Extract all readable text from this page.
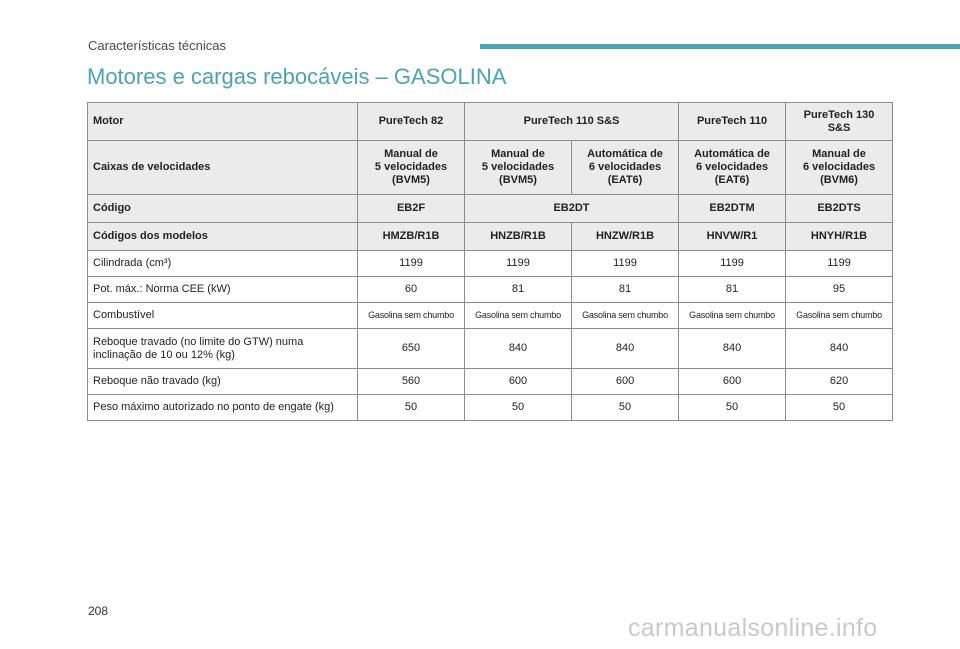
Características técnicas
Motores e cargas rebocáveis – GASOLINA
Motor	PureTech 82	PureTech 110 S&S		PureTech 110	PureTech 130
S&S
Caixas de velocidades	Manual de
5 velocidades
(BVM5)	Manual de
5 velocidades
(BVM5)	Automática de
6 velocidades
(EAT6)	Automática de
6 velocidades
(EAT6)	Manual de
6 velocidades
(BVM6)
Código	EB2F	EB2DT		EB2DTM	EB2DTS
Códigos dos modelos	HMZB/R1B	HNZB/R1B	HNZW/R1B	HNVW/R1	HNYH/R1B
Cilindrada (cm³)	1199	1199	1199	1199	1199
Pot. máx.: Norma CEE (kW)	60	81	81	81	95
Combustível	Gasolina sem chumbo	Gasolina sem chumbo	Gasolina sem chumbo	Gasolina sem chumbo	Gasolina sem chumbo
Reboque travado (no limite do GTW) numa
inclinação de 10 ou 12% (kg)	650	840	840	840	840
Reboque não travado (kg)	560	600	600	600	620
Peso máximo autorizado no ponto de engate (kg)	50	50	50	50	50
208
carmanualsonline.info
